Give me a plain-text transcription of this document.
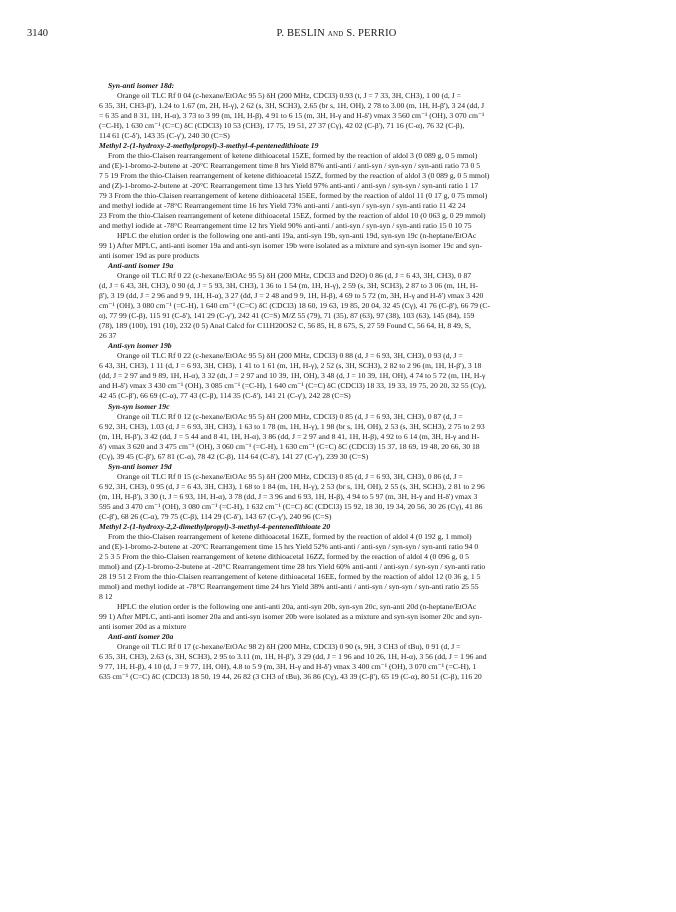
3140	P. BESLIN and S. PERRIO
Syn-anti isomer 18d:
Orange oil TLC Rf 0 04 (c-hexane/EtOAc 95 5) δH (200 MHz, CDCl3) 0.93 (t, J = 7 33, 3H, CH3), 1 00 (d, J =
6 35, 3H, CH3-β'), 1.24 to 1.67 (m, 2H, H-γ), 2 62 (s, 3H, SCH3), 2.65 (br s, 1H, OH), 2 78 to 3.00 (m, 1H, H-β'), 3 24 (dd, J
= 6 35 and 8 31, 1H, H-α), 3 73 to 3 99 (m, 1H, H-β), 4 91 to 6 15 (m, 3H, H-γ and H-δ') νmax 3 560 cm⁻¹ (OH), 3 070 cm⁻¹
(=C-H), 1 630 cm⁻¹ (C=C) δC (CDCl3) 10 53 (CH3), 17 75, 19 51, 27 37 (Cγ), 42 02 (C-β'), 71 16 (C-α), 76 32 (C-β),
114 61 (C-δ'), 143 35 (C-γ'), 240 30 (C=S)
Methyl 2-(1-hydroxy-2-methylpropyl)-3-methyl-4-pentenedithioate 19
From the thio-Claisen rearrangement of ketene dithioacetal 15ZE, formed by the reaction of aldol 3 (0 089 g, 0 5 mmol)
and (E)-1-bromo-2-butene at -20°C Rearrangement time 8 hrs Yield 87% anti-anti / anti-syn / syn-syn / syn-anti ratio 73 0 5
7 5 19 From the thio-Claisen rearrangement of ketene dithioacetal 15ZZ, formed by the reaction of aldol 3 (0 089 g, 0 5 mmol)
and (Z)-1-bromo-2-butene at -20°C Rearrangement time 13 hrs Yield 97% anti-anti / anti-syn / syn-syn / syn-anti ratio 1 17
79 3 From the thio-Claisen rearrangement of ketene dithioacetal 15EE, formed by the reaction of aldol 11 (0 17 g, 0 75 mmol)
and methyl iodide at -78°C Rearrangement time 16 hrs Yield 73% anti-anti / anti-syn / syn-syn / syn-anti ratio 11 42 24
23 From the thio-Claisen rearrangement of ketene dithioacetal 15EZ, formed by the reaction of aldol 10 (0 063 g, 0 29 mmol)
and methyl iodide at -78°C Rearrangement time 12 hrs Yield 90% anti-anti / anti-syn / syn-syn / syn-anti ratio 15 0 10 75
HPLC the elution order is the following one anti-anti 19a, anti-syn 19b, syn-anti 19d, syn-syn 19c (n-heptane/EtOAc
99 1) After MPLC, anti-anti isomer 19a and anti-syn isomer 19b were isolated as a mixture and syn-syn isomer 19c and syn-
anti isomer 19d as pure products
Anti-anti isomer 19a
Orange oil TLC Rf 0 22 (c-hexane/EtOAc 95 5) δH (200 MHz, CDCl3 and D2O) 0 86 (d, J = 6 43, 3H, CH3), 0 87
(d, J = 6 43, 3H, CH3), 0 90 (d, J = 5 93, 3H, CH3), 1 36 to 1 54 (m, 1H, H-γ), 2 59 (s, 3H, SCH3), 2 87 to 3 06 (m, 1H, H-
β'), 3 19 (dd, J = 2 96 and 9 9, 1H, H-α), 3 27 (dd, J = 2 48 and 9 9, 1H, H-β), 4 69 to 5 72 (m, 3H, H-γ and H-δ') νmax 3 420
cm⁻¹ (OH), 3 080 cm⁻¹ (=C-H), 1 640 cm⁻¹ (C=C) δC (CDCl3) 18 60, 19 63, 19 85, 20 04, 32 45 (Cγ), 41 76 (C-β'), 66 79 (C-
α), 77 99 (C-β), 115 91 (C-δ'), 141 29 (C-γ'), 242 41 (C=S) M/Z 55 (79), 71 (35), 87 (63), 97 (38), 103 (63), 145 (84), 159
(78), 189 (100), 191 (10), 232 (0 5) Anal Calcd for C11H20OS2 C, 56 85, H, 8 675, S, 27 59 Found C, 56 64, H, 8 49, S,
26 37
Anti-syn isomer 19b
Orange oil TLC Rf 0 22 (c-hexane/EtOAc 95 5) δH (200 MHz, CDCl3) 0 88 (d, J = 6 93, 3H, CH3), 0 93 (d, J =
6 43, 3H, CH3), 1 11 (d, J = 6 93, 3H, CH3), 1 41 to 1 61 (m, 1H, H-γ), 2 52 (s, 3H, SCH3), 2 82 to 2 96 (m, 1H, H-β'), 3 18
(dd, J = 2 97 and 9 89, 1H, H-α), 3 32 (dt, J = 2 97 and 10 39, 1H, OH), 3 48 (d, J = 10 39, 1H, OH), 4 74 to 5 72 (m, 1H, H-γ
and H-δ') νmax 3 430 cm⁻¹ (OH), 3 085 cm⁻¹ (=C-H), 1 640 cm⁻¹ (C=C) δC (CDCl3) 18 33, 19 33, 19 75, 20 20, 32 55 (Cγ),
42 45 (C-β'), 66 69 (C-α), 77 43 (C-β), 114 35 (C-δ'), 141 21 (C-γ'), 242 28 (C=S)
Syn-syn isomer 19c
Orange oil TLC Rf 0 12 (c-hexane/EtOAc 95 5) δH (200 MHz, CDCl3) 0 85 (d, J = 6 93, 3H, CH3), 0 87 (d, J =
6 92, 3H, CH3), 1.03 (d, J = 6 93, 3H, CH3), 1 63 to 1 78 (m, 1H, H-γ), 1 98 (br s, 1H, OH), 2 53 (s, 3H, SCH3), 2 75 to 2 93
(m, 1H, H-β'), 3 42 (dd, J = 5 44 and 8 41, 1H, H-α), 3 86 (dd, J = 2 97 and 8 41, 1H, H-β), 4 92 to 6 14 (m, 3H, H-γ and H-
δ') νmax 3 620 and 3 475 cm⁻¹ (OH), 3 060 cm⁻¹ (=C-H), 1 630 cm⁻¹ (C=C) δC (CDCl3) 15 37, 18 69, 19 48, 20 66, 30 18
(Cγ), 39 45 (C-β'), 67 81 (C-α), 78 42 (C-β), 114 64 (C-δ'), 141 27 (C-γ'), 239 30 (C=S)
Syn-anti isomer 19d
Orange oil TLC Rf 0 15 (c-hexane/EtOAc 95 5) δH (200 MHz, CDCl3) 0 85 (d, J = 6 93, 3H, CH3), 0 86 (d, J =
6 92, 3H, CH3), 0 95 (d, J = 6 43, 3H, CH3), 1 68 to 1 84 (m, 1H, H-γ), 2 53 (br s, 1H, OH), 2 55 (s, 3H, SCH3), 2 81 to 2 96
(m, 1H, H-β'), 3 30 (t, J = 6 93, 1H, H-α), 3 78 (dd, J = 3 96 and 6 93, 1H, H-β), 4 94 to 5 97 (m, 3H, H-γ and H-δ') νmax 3
595 and 3 470 cm⁻¹ (OH), 3 080 cm⁻¹ (=C-H), 1 632 cm⁻¹ (C=C) δC (CDCl3) 15 92, 18 30, 19 34, 20 56, 30 26 (Cγ), 41 86
(C-β'), 68 26 (C-α), 79 75 (C-β), 114 29 (C-δ'), 143 67 (C-γ'), 240 96 (C=S)
Methyl 2-(1-hydroxy-2,2-dimethylpropyl)-3-methyl-4-pentenedithioate 20
From the thio-Claisen rearrangement of ketene dithioacetal 16ZE, formed by the reaction of aldol 4 (0 192 g, 1 mmol)
and (E)-1-bromo-2-butene at -20°C Rearrangement time 15 hrs Yield 52% anti-anti / anti-syn / syn-syn / syn-anti ratio 94 0
2 5 3 5 From the thio-Claisen rearrangement of ketene dithioacetal 16ZZ, formed by the reaction of aldol 4 (0 096 g, 0 5
mmol) and (Z)-1-bromo-2-butene at -20°C Rearrangement time 28 hrs Yield 60% anti-anti / anti-syn / syn-syn / syn-anti ratio
28 19 51 2 From the thio-Claisen rearrangement of ketene dithioacetal 16EE, formed by the reaction of aldol 12 (0 36 g, 1 5
mmol) and methyl iodide at -78°C Rearrangement time 24 hrs Yield 38% anti-anti / anti-syn / syn-syn / syn-anti ratio 25 55
8 12
HPLC the elution order is the following one anti-anti 20a, anti-syn 20b, syn-syn 20c, syn-anti 20d (n-heptane/EtOAc
99 1) After MPLC, anti-anti isomer 20a and anti-syn isomer 20b were isolated as a mixture and syn-syn isomer 20c and syn-
anti isomer 20d as a mixture
Anti-anti isomer 20a
Orange oil TLC Rf 0 17 (c-hexane/EtOAc 98 2) δH (200 MHz, CDCl3) 0 90 (s, 9H, 3 CH3 of tBu), 0 91 (d, J =
6 35, 3H, CH3), 2.63 (s, 3H, SCH3), 2 95 to 3.11 (m, 1H, H-β'), 3 29 (dd, J = 1 96 and 10 26, 1H, H-α), 3 56 (dd, J = 1 96 and
9 77, 1H, H-β), 4 10 (d, J = 9 77, 1H, OH), 4.8 to 5 9 (m, 3H, H-γ and H-δ') νmax 3 400 cm⁻¹ (OH), 3 070 cm⁻¹ (=C-H), 1
635 cm⁻¹ (C=C) δC (CDCl3) 18 50, 19 44, 26 82 (3 CH3 of tBu), 36 86 (Cγ), 43 39 (C-β'), 65 19 (C-α), 80 51 (C-β), 116 20
